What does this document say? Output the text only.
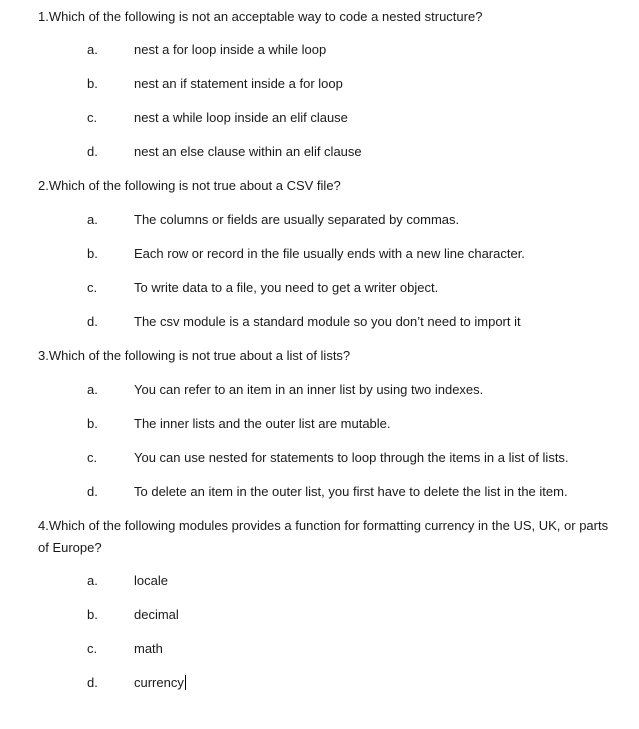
1.Which of the following is not an acceptable way to code a nested structure?
a.	nest a for loop inside a while loop
b.	nest an if statement inside a for loop
c.	nest a while loop inside an elif clause
d.	nest an else clause within an elif clause
2.Which of the following is not true about a CSV file?
a.	The columns or fields are usually separated by commas.
b.	Each row or record in the file usually ends with a new line character.
c.	To write data to a file, you need to get a writer object.
d.	The csv module is a standard module so you don’t need to import it
3.Which of the following is not true about a list of lists?
a.	You can refer to an item in an inner list by using two indexes.
b.	The inner lists and the outer list are mutable.
c.	You can use nested for statements to loop through the items in a list of lists.
d.	To delete an item in the outer list, you first have to delete the list in the item.
4.Which of the following modules provides a function for formatting currency in the US, UK, or parts of Europe?
a.	locale
b.	decimal
c.	math
d.	currency
